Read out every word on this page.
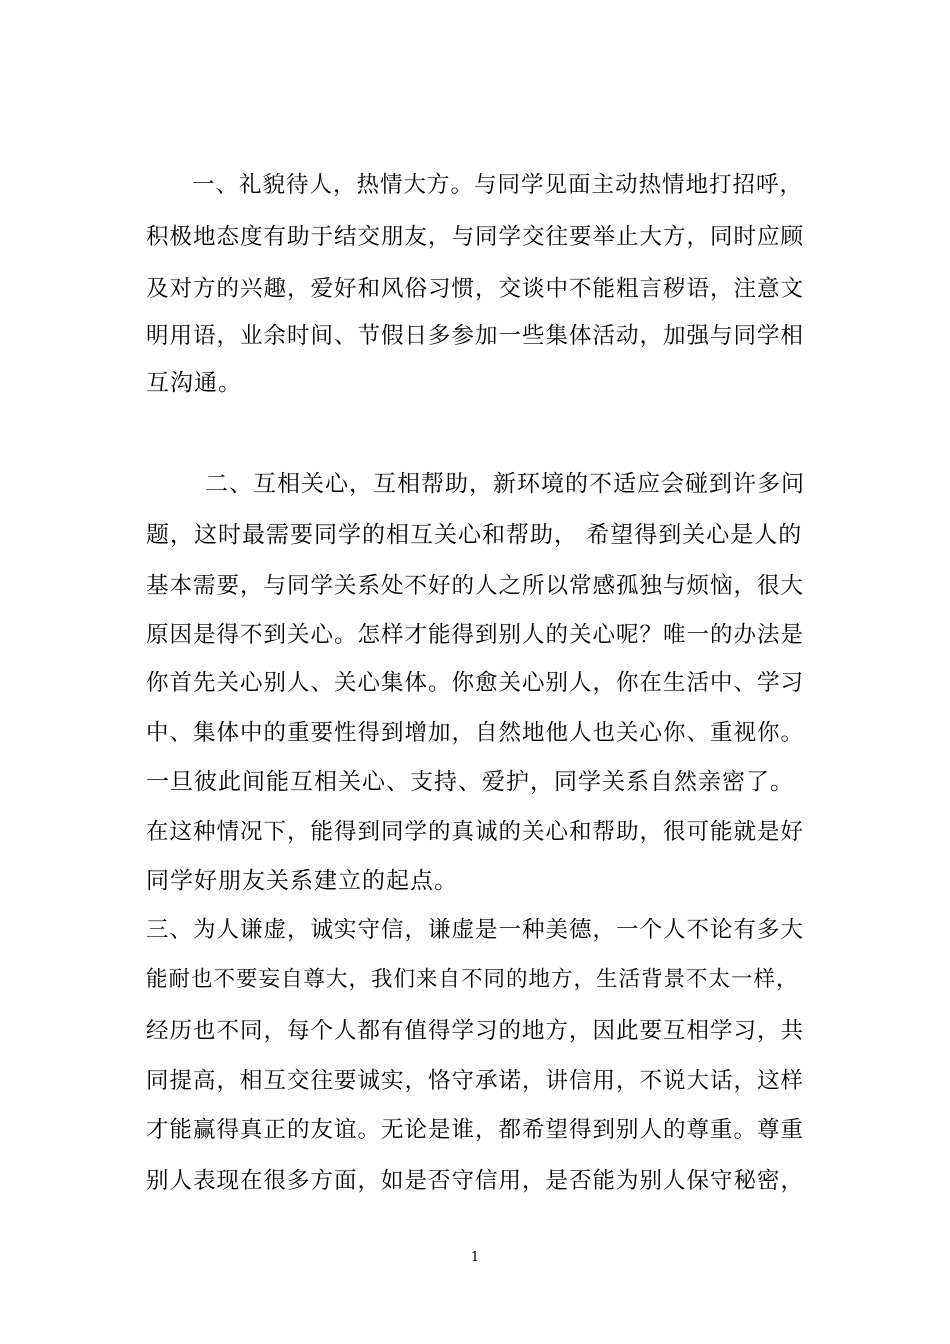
一、礼貌待人，热情大方。与同学见面主动热情地打招呼，
积极地态度有助于结交朋友，与同学交往要举止大方，同时应顾
及对方的兴趣，爱好和风俗习惯，交谈中不能粗言秽语，注意文
明用语，业余时间、节假日多参加一些集体活动，加强与同学相
互沟通。
二、互相关心，互相帮助，新环境的不适应会碰到许多问
题，这时最需要同学的相互关心和帮助， 希望得到关心是人的
基本需要，与同学关系处不好的人之所以常感孤独与烦恼，很大
原因是得不到关心。怎样才能得到别人的关心呢？唯一的办法是
你首先关心别人、关心集体。你愈关心别人，你在生活中、学习
中、集体中的重要性得到增加，自然地他人也关心你、重视你。
一旦彼此间能互相关心、支持、爱护，同学关系自然亲密了。
在这种情况下，能得到同学的真诚的关心和帮助，很可能就是好
同学好朋友关系建立的起点。
三、为人谦虚，诚实守信，谦虚是一种美德，一个人不论有多大
能耐也不要妄自尊大，我们来自不同的地方，生活背景不太一样，
经历也不同，每个人都有值得学习的地方，因此要互相学习，共
同提高，相互交往要诚实，恪守承诺，讲信用，不说大话，这样
才能赢得真正的友谊。无论是谁，都希望得到别人的尊重。尊重
别人表现在很多方面，如是否守信用，是否能为别人保守秘密，
1
